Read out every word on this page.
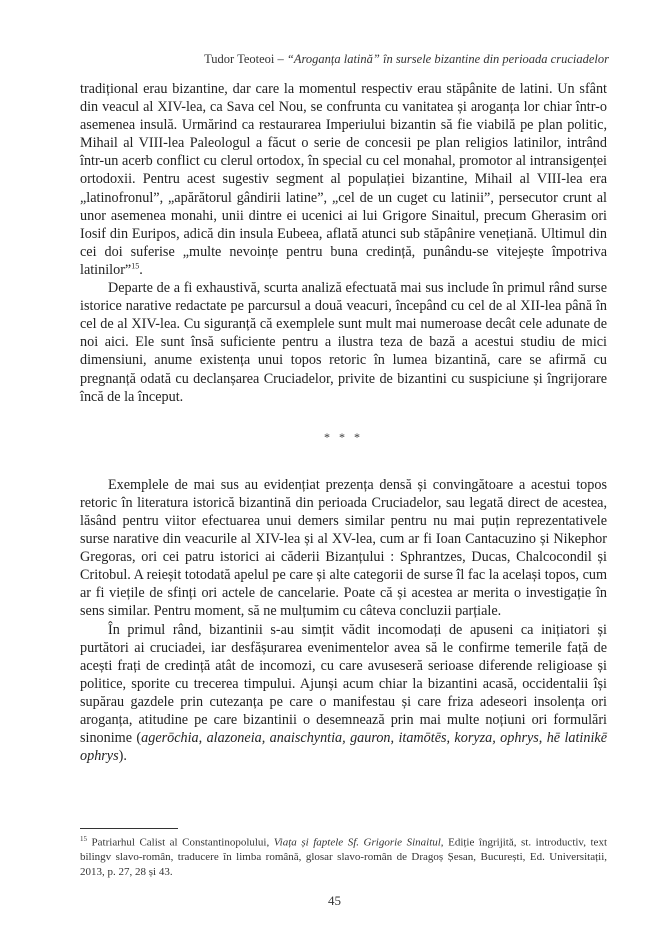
Tudor Teoteoi – “Aroganța latină” în sursele bizantine din perioada cruciadelor

tradițional erau bizantine, dar care la momentul respectiv erau stăpânite de latini. Un sfânt din veacul al XIV-lea, ca Sava cel Nou, se confrunta cu vanitatea și aroganța lor chiar într-o asemenea insulă. Urmărind ca restaurarea Imperiului bizantin să fie viabilă pe plan politic, Mihail al VIII-lea Paleologul a făcut o serie de concesii pe plan religios latinilor, intrând într-un acerb conflict cu clerul ortodox, în special cu cel monahal, promotor al intransigenței ortodoxii. Pentru acest sugestiv segment al populației bizantine, Mihail al VIII-lea era „latinofronul”, „apărătorul gândirii latine”, „cel de un cuget cu latinii”, persecutor crunt al unor asemenea monahi, unii dintre ei ucenici ai lui Grigore Sinaitul, precum Gherasim ori Iosif din Euripos, adică din insula Eubeea, aflată atunci sub stăpânire venețiană. Ultimul din cei doi suferise „multe nevoințe pentru buna credință, punându-se vitejește împotriva latinilor”$^{15}$.

Departe de a fi exhaustivă, scurta analiză efectuată mai sus include în primul rând surse istorice narative redactate pe parcursul a două veacuri, începând cu cel de al XII-lea până în cel de al XIV-lea. Cu siguranță că exemplele sunt mult mai numeroase decât cele adunate de noi aici. Ele sunt însă suficiente pentru a ilustra teza de bază a acestui studiu de mici dimensiuni, anume existența unui topos retoric în lumea bizantină, care se afirmă cu pregnanță odată cu declanșarea Cruciadelor, privite de bizantini cu suspiciune și îngrijorare încă de la început.

* * *

Exemplele de mai sus au evidențiat prezența densă și convingătoare a acestui topos retoric în literatura istorică bizantină din perioada Cruciadelor, sau legată direct de acestea, lăsând pentru viitor efectuarea unui demers similar pentru nu mai puțin reprezentativele surse narative din veacurile al XIV-lea și al XV-lea, cum ar fi Ioan Cantacuzino și Nikephor Gregoras, ori cei patru istorici ai căderii Bizanțului : Sphrantzes, Ducas, Chalcocondil și Critobul. A reieșit totodată apelul pe care și alte categorii de surse îl fac la același topos, cum ar fi viețile de sfinți ori actele de cancelarie. Poate că și acestea ar merita o investigație în sens similar. Pentru moment, să ne mulțumim cu câteva concluzii parțiale.

În primul rând, bizantinii s-au simțit vădit incomodați de apuseni ca inițiatori și purtători ai cruciadei, iar desfășurarea evenimentelor avea să le confirme temerile față de acești frați de credință atât de incomozi, cu care avuseseră serioase diferende religioase și politice, sporite cu trecerea timpului. Ajunși acum chiar la bizantini acasă, occidentalii își supărau gazdele prin cutezanța pe care o manifestau și care friza adeseori insolența ori aroganța, atitudine pe care bizantinii o desemnează prin mai multe noțiuni ori formulări sinonime (agerōchia, alazoneia, anaischyntia, gauron, itamōtēs, koryza, ophrys, hē latinikē ophrys).

$^{15}$ Patriarhul Calist al Constantinopolului, Viața și faptele Sf. Grigorie Sinaitul, Ediție îngrijită, st. introductiv, text bilingv slavo-român, traducere în limba română, glosar slavo-român de Dragoș Șesan, București, Ed. Universitații, 2013, p. 27, 28 și 43.
45
